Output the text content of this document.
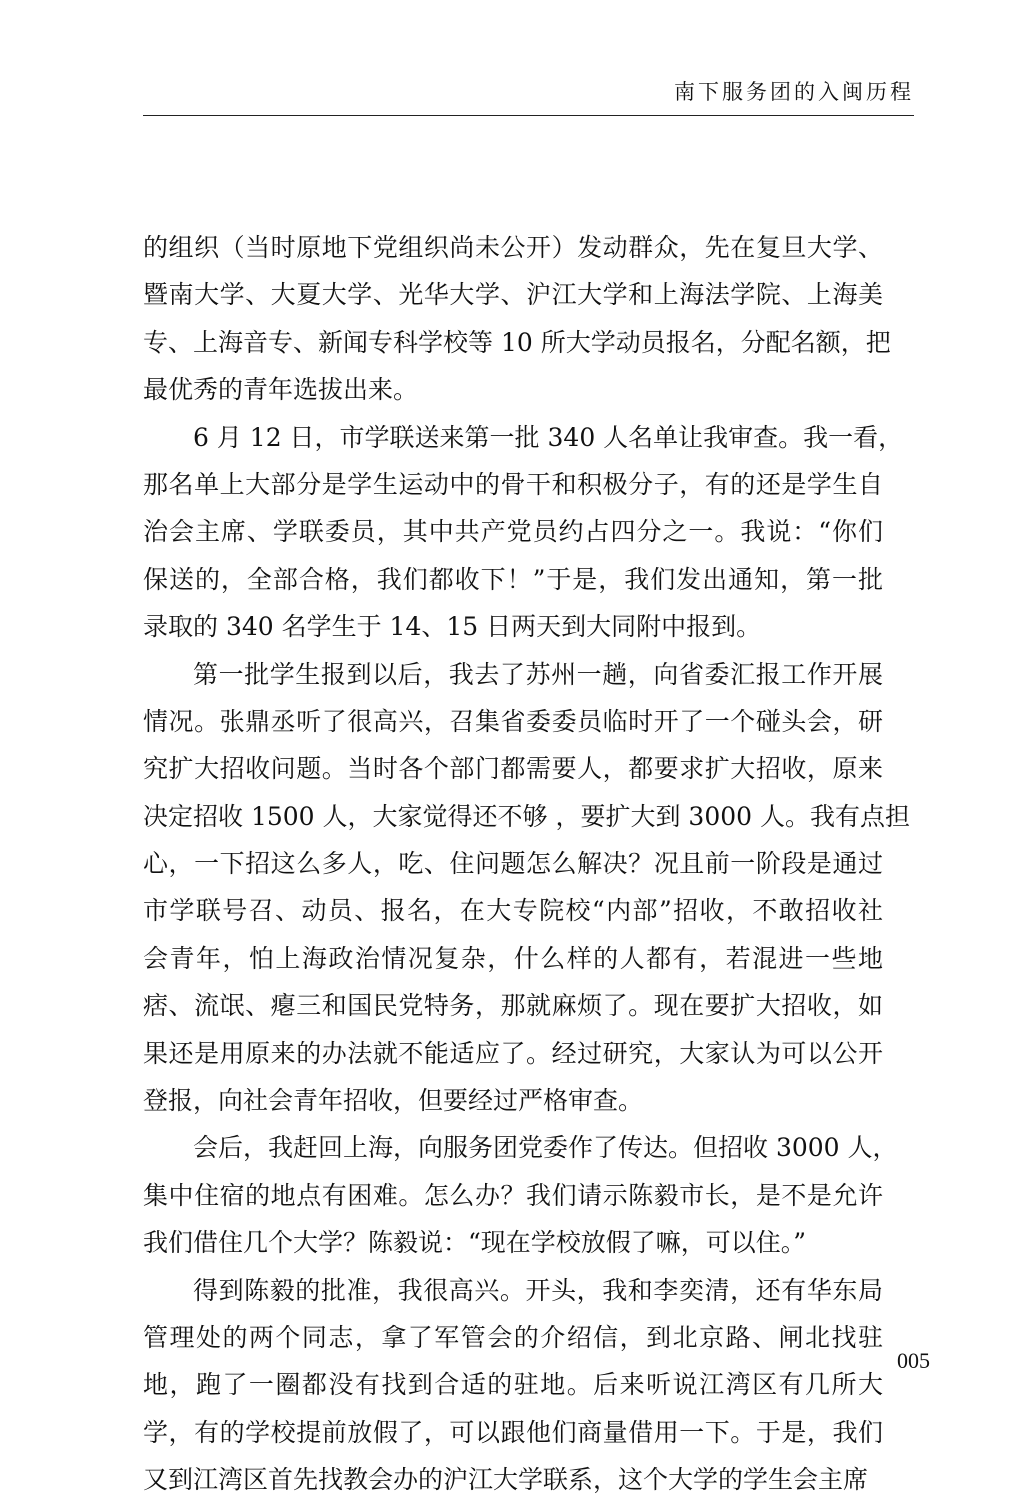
南下服务团的入闽历程
的组织（当时原地下党组织尚未公开）发动群众，先在复旦大学、
暨南大学、大夏大学、光华大学、沪江大学和上海法学院、上海美
专、上海音专、新闻专科学校等 10 所大学动员报名，分配名额，把
最优秀的青年选拔出来。
6 月 12 日，市学联送来第一批 340 人名单让我审查。我一看，
那名单上大部分是学生运动中的骨干和积极分子，有的还是学生自
治会主席、学联委员，其中共产党员约占四分之一。我说：“你们
保送的，全部合格，我们都收下！”于是，我们发出通知，第一批
录取的 340 名学生于 14、15 日两天到大同附中报到。
第一批学生报到以后，我去了苏州一趟，向省委汇报工作开展
情况。张鼎丞听了很高兴，召集省委委员临时开了一个碰头会，研
究扩大招收问题。当时各个部门都需要人，都要求扩大招收，原来
决定招收 1500 人，大家觉得还不够 ，要扩大到 3000 人。我有点担
心，一下招这么多人，吃、住问题怎么解决？况且前一阶段是通过
市学联号召、动员、报名，在大专院校“内部”招收，不敢招收社
会青年，怕上海政治情况复杂，什么样的人都有，若混进一些地
痞、流氓、瘪三和国民党特务，那就麻烦了。现在要扩大招收，如
果还是用原来的办法就不能适应了。经过研究，大家认为可以公开
登报，向社会青年招收，但要经过严格审查。
会后，我赶回上海，向服务团党委作了传达。但招收 3000 人，
集中住宿的地点有困难。怎么办？我们请示陈毅市长，是不是允许
我们借住几个大学？陈毅说：“现在学校放假了嘛，可以住。”
得到陈毅的批准，我很高兴。开头，我和李奕清，还有华东局
管理处的两个同志，拿了军管会的介绍信，到北京路、闸北找驻
地，跑了一圈都没有找到合适的驻地。后来听说江湾区有几所大
学，有的学校提前放假了，可以跟他们商量借用一下。于是，我们
又到江湾区首先找教会办的沪江大学联系，这个大学的学生会主席
005
